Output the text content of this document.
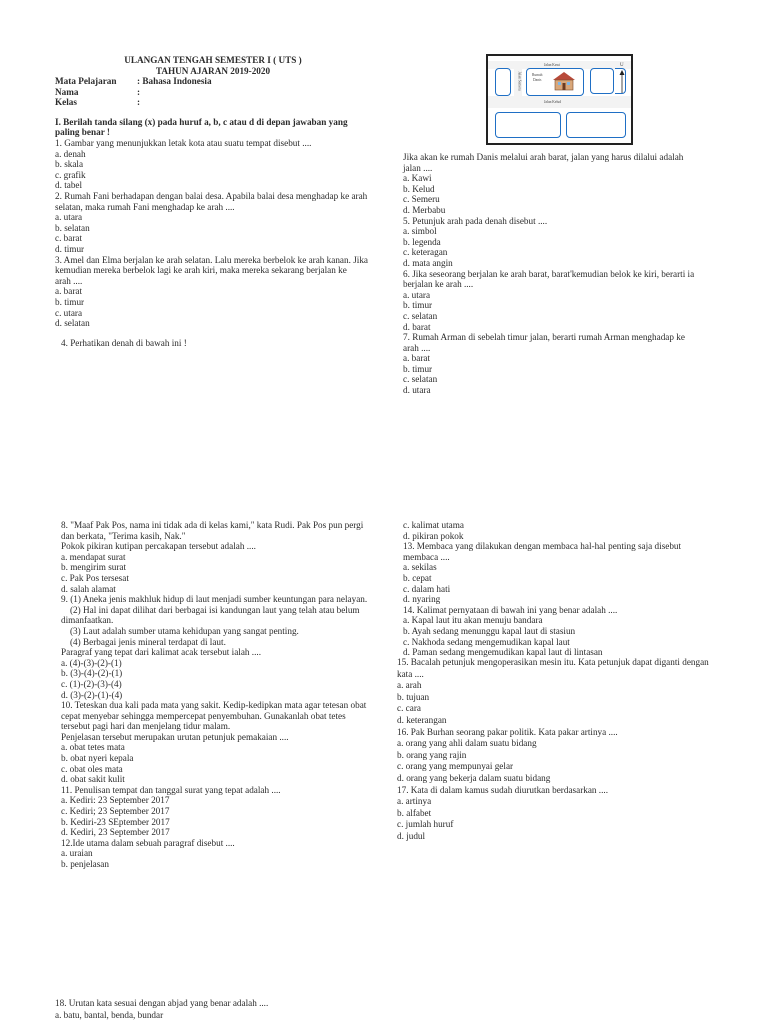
ULANGAN TENGAH SEMESTER I ( UTS )
TAHUN AJARAN 2019-2020
Mata Pelajaran	: Bahasa Indonesia
Nama	:
Kelas	:
I. Berilah tanda silang (x) pada huruf a, b, c atau d di depan jawaban yang paling benar !
1. Gambar yang menunjukkan letak kota atau suatu tempat disebut ....
a. denah
b. skala
c. grafik
d. tabel
2. Rumah Fani berhadapan dengan balai desa. Apabila balai desa menghadap ke arah
selatan, maka rumah Fani menghadap ke arah ....
a. utara
b. selatan
c. barat
d. timur
3. Amel dan Elma berjalan ke arah selatan. Lalu mereka berbelok ke arah kanan. Jika
kemudian mereka berbelok lagi ke arah kiri, maka mereka sekarang berjalan ke
arah ....
a. barat
b. timur
c. utara
d. selatan
4. Perhatikan denah di bawah ini !
Jalan Kawi
Jalan Kelud
Jalan Semeru	Rumah
Danis
U
Jika akan ke rumah Danis melalui arah barat, jalan yang harus dilalui adalah
jalan ....
a. Kawi
b. Kelud
c. Semeru
d. Merbabu
5. Petunjuk arah pada denah disebut ....
a. simbol
b. legenda
c. keteragan
d. mata angin
6. Jika seseorang berjalan ke arah barat, barat'kemudian belok ke kiri, berarti ia
berjalan ke arah ....
a. utara
b. timur
c. selatan
d. barat
7. Rumah Arman di sebelah timur jalan, berarti rumah Arman menghadap ke
arah ....
a. barat
b. timur
c. selatan
d. utara
8. "Maaf Pak Pos, nama ini tidak ada di kelas kami," kata Rudi. Pak Pos pun pergi
dan berkata, "Terima kasih, Nak."
Pokok pikiran kutipan percakapan tersebut adalah ....
a. mendapat surat
b. mengirim surat
c. Pak Pos tersesat
d. salah alamat
9. (1) Aneka jenis makhluk hidup di laut menjadi sumber keuntungan para nelayan.
(2) Hal ini dapat dilihat dari berbagai isi kandungan laut yang telah atau belum
dimanfaatkan.
(3) Laut adalah sumber utama kehidupan yang sangat penting.
(4) Berbagai jenis mineral terdapat di laut.
Paragraf yang tepat dari kalimat acak tersebut ialah ....
a. (4)-(3)-(2)-(1)
b. (3)-(4)-(2)-(1)
c. (1)-(2)-(3)-(4)
d. (3)-(2)-(1)-(4)
10. Teteskan dua kali pada mata yang sakit. Kedip-kedipkan mata agar tetesan obat
cepat menyebar sehingga mempercepat penyembuhan. Gunakanlah obat tetes
tersebut pagi hari dan menjelang tidur malam.
Penjelasan tersebut merupakan urutan petunjuk pemakaian ....
a. obat tetes mata
b. obat nyeri kepala
c. obat oles mata
d. obat sakit kulit
11. Penulisan tempat dan tanggal surat yang tepat adalah ....
a. Kediri: 23 September 2017
c. Kediri; 23 September 2017
b. Kediri-23 SEptember 2017
d. Kediri, 23 September 2017
12.Ide utama dalam sebuah paragraf disebut ....
a. uraian
b. penjelasan
c. kalimat utama
d. pikiran pokok
13. Membaca yang dilakukan dengan membaca hal-hal penting saja disebut
membaca ....
a. sekilas
b. cepat
c. dalam hati
d. nyaring
14. Kalimat pernyataan di bawah ini yang benar adalah ....
a. Kapal laut itu akan menuju bandara
b. Ayah sedang menunggu kapal laut di stasiun
c. Nakhoda sedang mengemudikan kapal laut
d. Paman sedang mengemudikan kapal laut di lintasan
15. Bacalah petunjuk mengoperasikan mesin itu. Kata petunjuk dapat diganti dengan
kata ....
a. arah
b. tujuan
c. cara
d. keterangan
16. Pak Burhan seorang pakar politik. Kata pakar artinya ....
a. orang yang ahli dalam suatu bidang
b. orang yang rajin
c. orang yang mempunyai gelar
d. orang yang bekerja dalam suatu bidang
17. Kata di dalam kamus sudah diurutkan berdasarkan ....
a. artinya
b. alfabet
c. jumlah huruf
d. judul
18. Urutan kata sesuai dengan abjad yang benar adalah ....
a. batu, bantal, benda, bundar
